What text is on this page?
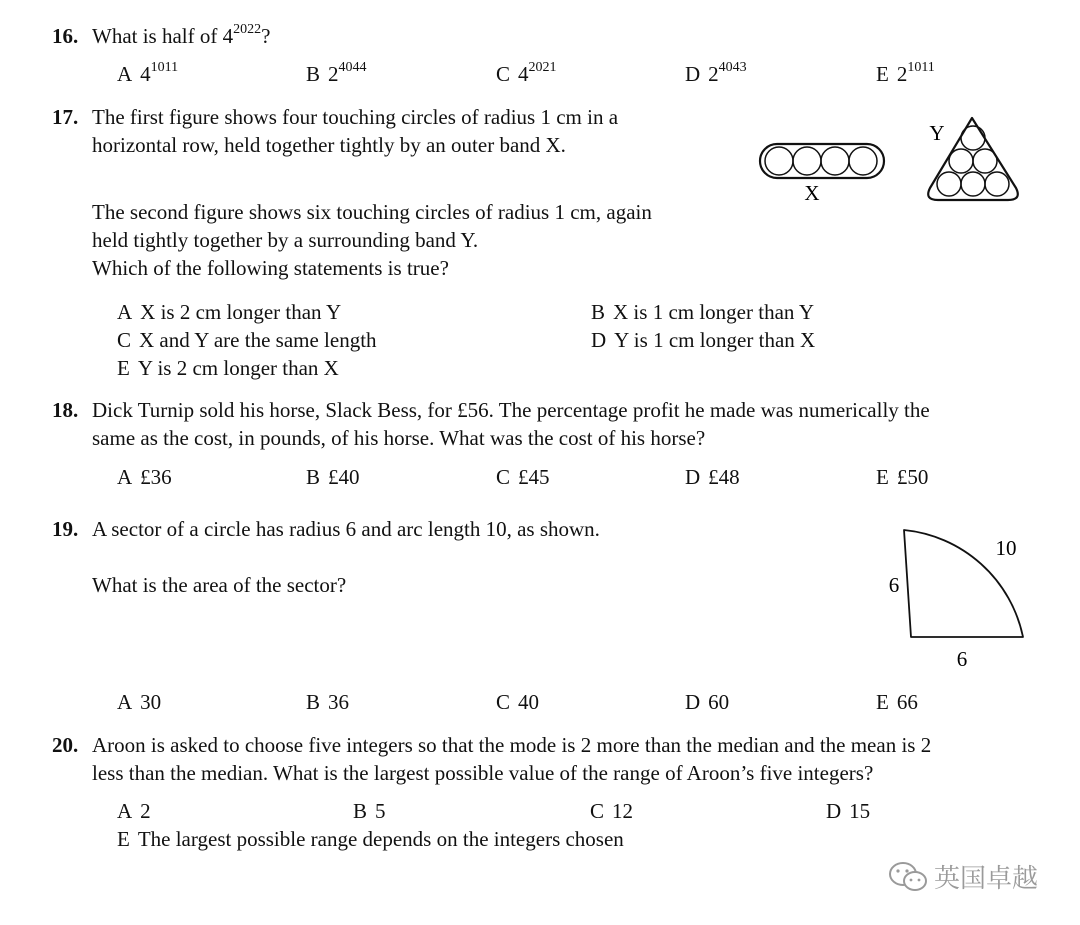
16. What is half of $4^{2022}$?
A $4^{1011}$	B $2^{4044}$	C $4^{2021}$	D $2^{4043}$	E $2^{1011}$
17. The first figure shows four touching circles of radius 1 cm in a
horizontal row, held together tightly by an outer band X.
The second figure shows six touching circles of radius 1 cm, again
held tightly together by a surrounding band Y.
Which of the following statements is true?
X
Y
A X is 2 cm longer than Y	B X is 1 cm longer than Y
C X and Y are the same length	D Y is 1 cm longer than X
E Y is 2 cm longer than X
18. Dick Turnip sold his horse, Slack Bess, for £56. The percentage profit he made was numerically the
same as the cost, in pounds, of his horse. What was the cost of his horse?
A £36	B £40	C £45	D £48	E £50
19. A sector of a circle has radius 6 and arc length 10, as shown.
What is the area of the sector?
10
6
6
A 30	B 36	C 40	D 60	E 66
20. Aroon is asked to choose five integers so that the mode is 2 more than the median and the mean is 2
less than the median. What is the largest possible value of the range of Aroon’s five integers?
A 2	B 5	C 12	D 15
E The largest possible range depends on the integers chosen
英国卓越
